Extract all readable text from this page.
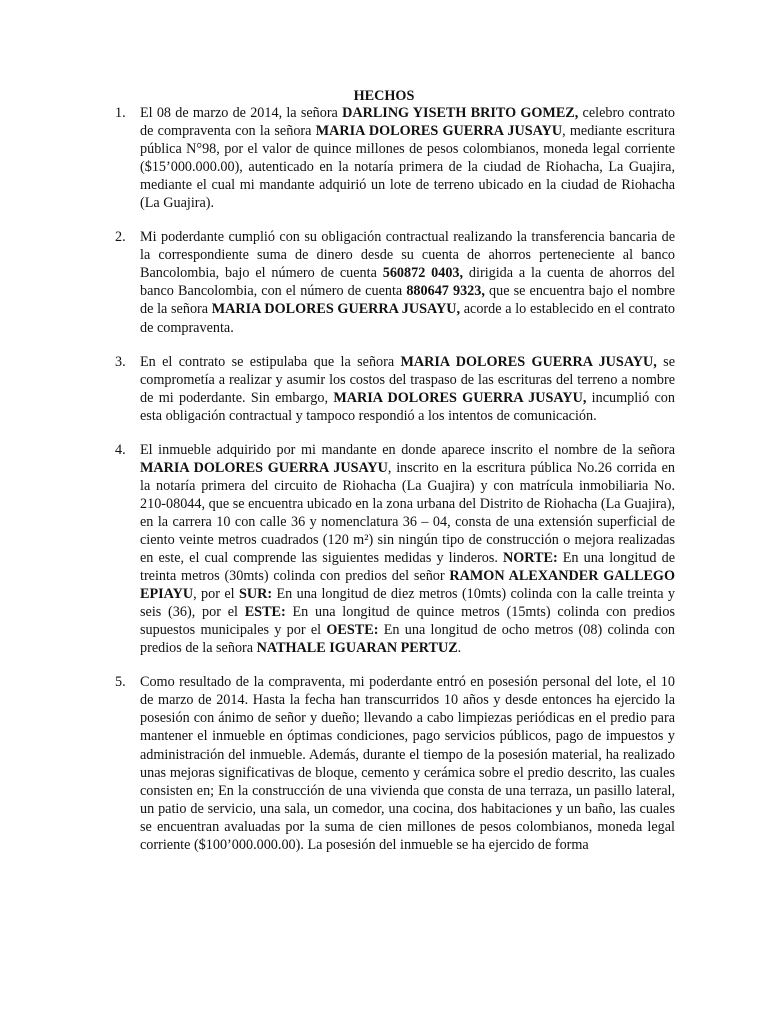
HECHOS
1. El 08 de marzo de 2014, la señora DARLING YISETH BRITO GOMEZ, celebro contrato de compraventa con la señora MARIA DOLORES GUERRA JUSAYU, mediante escritura pública N°98, por el valor de quince millones de pesos colombianos, moneda legal corriente ($15’000.000.00), autenticado en la notaría primera de la ciudad de Riohacha, La Guajira, mediante el cual mi mandante adquirió un lote de terreno ubicado en la ciudad de Riohacha (La Guajira).

2. Mi poderdante cumplió con su obligación contractual realizando la transferencia bancaria de la correspondiente suma de dinero desde su cuenta de ahorros perteneciente al banco Bancolombia, bajo el número de cuenta 560872 0403, dirigida a la cuenta de ahorros del banco Bancolombia, con el número de cuenta 880647 9323, que se encuentra bajo el nombre de la señora MARIA DOLORES GUERRA JUSAYU, acorde a lo establecido en el contrato de compraventa.

3. En el contrato se estipulaba que la señora MARIA DOLORES GUERRA JUSAYU, se comprometía a realizar y asumir los costos del traspaso de las escrituras del terreno a nombre de mi poderdante. Sin embargo, MARIA DOLORES GUERRA JUSAYU, incumplió con esta obligación contractual y tampoco respondió a los intentos de comunicación.

4. El inmueble adquirido por mi mandante en donde aparece inscrito el nombre de la señora MARIA DOLORES GUERRA JUSAYU, inscrito en la escritura pública No.26 corrida en la notaría primera del circuito de Riohacha (La Guajira) y con matrícula inmobiliaria No. 210-08044, que se encuentra ubicado en la zona urbana del Distrito de Riohacha (La Guajira), en la carrera 10 con calle 36 y nomenclatura 36 – 04, consta de una extensión superficial de ciento veinte metros cuadrados (120 m²) sin ningún tipo de construcción o mejora realizadas en este, el cual comprende las siguientes medidas y linderos. NORTE: En una longitud de treinta metros (30mts) colinda con predios del señor RAMON ALEXANDER GALLEGO EPIAYU, por el SUR: En una longitud de diez metros (10mts) colinda con la calle treinta y seis (36), por el ESTE: En una longitud de quince metros (15mts) colinda con predios supuestos municipales y por el OESTE: En una longitud de ocho metros (08) colinda con predios de la señora NATHALE IGUARAN PERTUZ.

5. Como resultado de la compraventa, mi poderdante entró en posesión personal del lote, el 10 de marzo de 2014. Hasta la fecha han transcurridos 10 años y desde entonces ha ejercido la posesión con ánimo de señor y dueño; llevando a cabo limpiezas periódicas en el predio para mantener el inmueble en óptimas condiciones, pago servicios públicos, pago de impuestos y administración del inmueble. Además, durante el tiempo de la posesión material, ha realizado unas mejoras significativas de bloque, cemento y cerámica sobre el predio descrito, las cuales consisten en; En la construcción de una vivienda que consta de una terraza, un pasillo lateral, un patio de servicio, una sala, un comedor, una cocina, dos habitaciones y un baño, las cuales se encuentran avaluadas por la suma de cien millones de pesos colombianos, moneda legal corriente ($100’000.000.00). La posesión del inmueble se ha ejercido de forma
